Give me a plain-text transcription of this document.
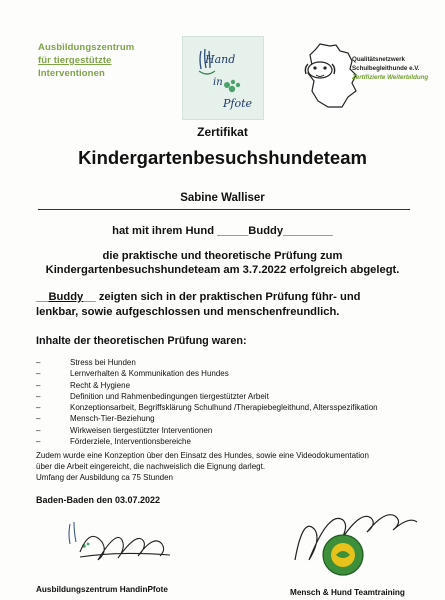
Ausbildungszentrum
für tiergestützte
Interventionen
Hand
in
Pfote
Qualitätsnetzwerk
Schulbegleithunde e.V.
Zertifizierte Weiterbildung
Zertifikat
Kindergartenbesuchshundeteam
Sabine Walliser
hat mit ihrem Hund _____Buddy________
die praktische und theoretische Prüfung zum
Kindergartenbesuchshundeteam am 3.7.2022 erfolgreich abgelegt.
__Buddy__ zeigten sich in der praktischen Prüfung führ- und
lenkbar, sowie aufgeschlossen und menschenfreundlich.
Inhalte der theoretischen Prüfung waren:
–	Stress bei Hunden
–	Lernverhalten & Kommunikation des Hundes
–	Recht & Hygiene
–	Definition und Rahmenbedingungen tiergestützter Arbeit
–	Konzeptionsarbeit, Begriffsklärung Schulhund /Therapiebegleithund, Altersspezifikation
–	Mensch-Tier-Beziehung
–	Wirkweisen tiergestützter Interventionen
–	Förderziele, Interventionsbereiche
Zudem wurde eine Konzeption über den Einsatz des Hundes, sowie eine Videodokumentation
über die Arbeit eingereicht, die nachweislich die Eignung darlegt.
Umfang der Ausbildung ca 75 Stunden
Baden-Baden den 03.07.2022
Ausbildungszentrum HandinPfote	Mensch & Hund Teamtraining
